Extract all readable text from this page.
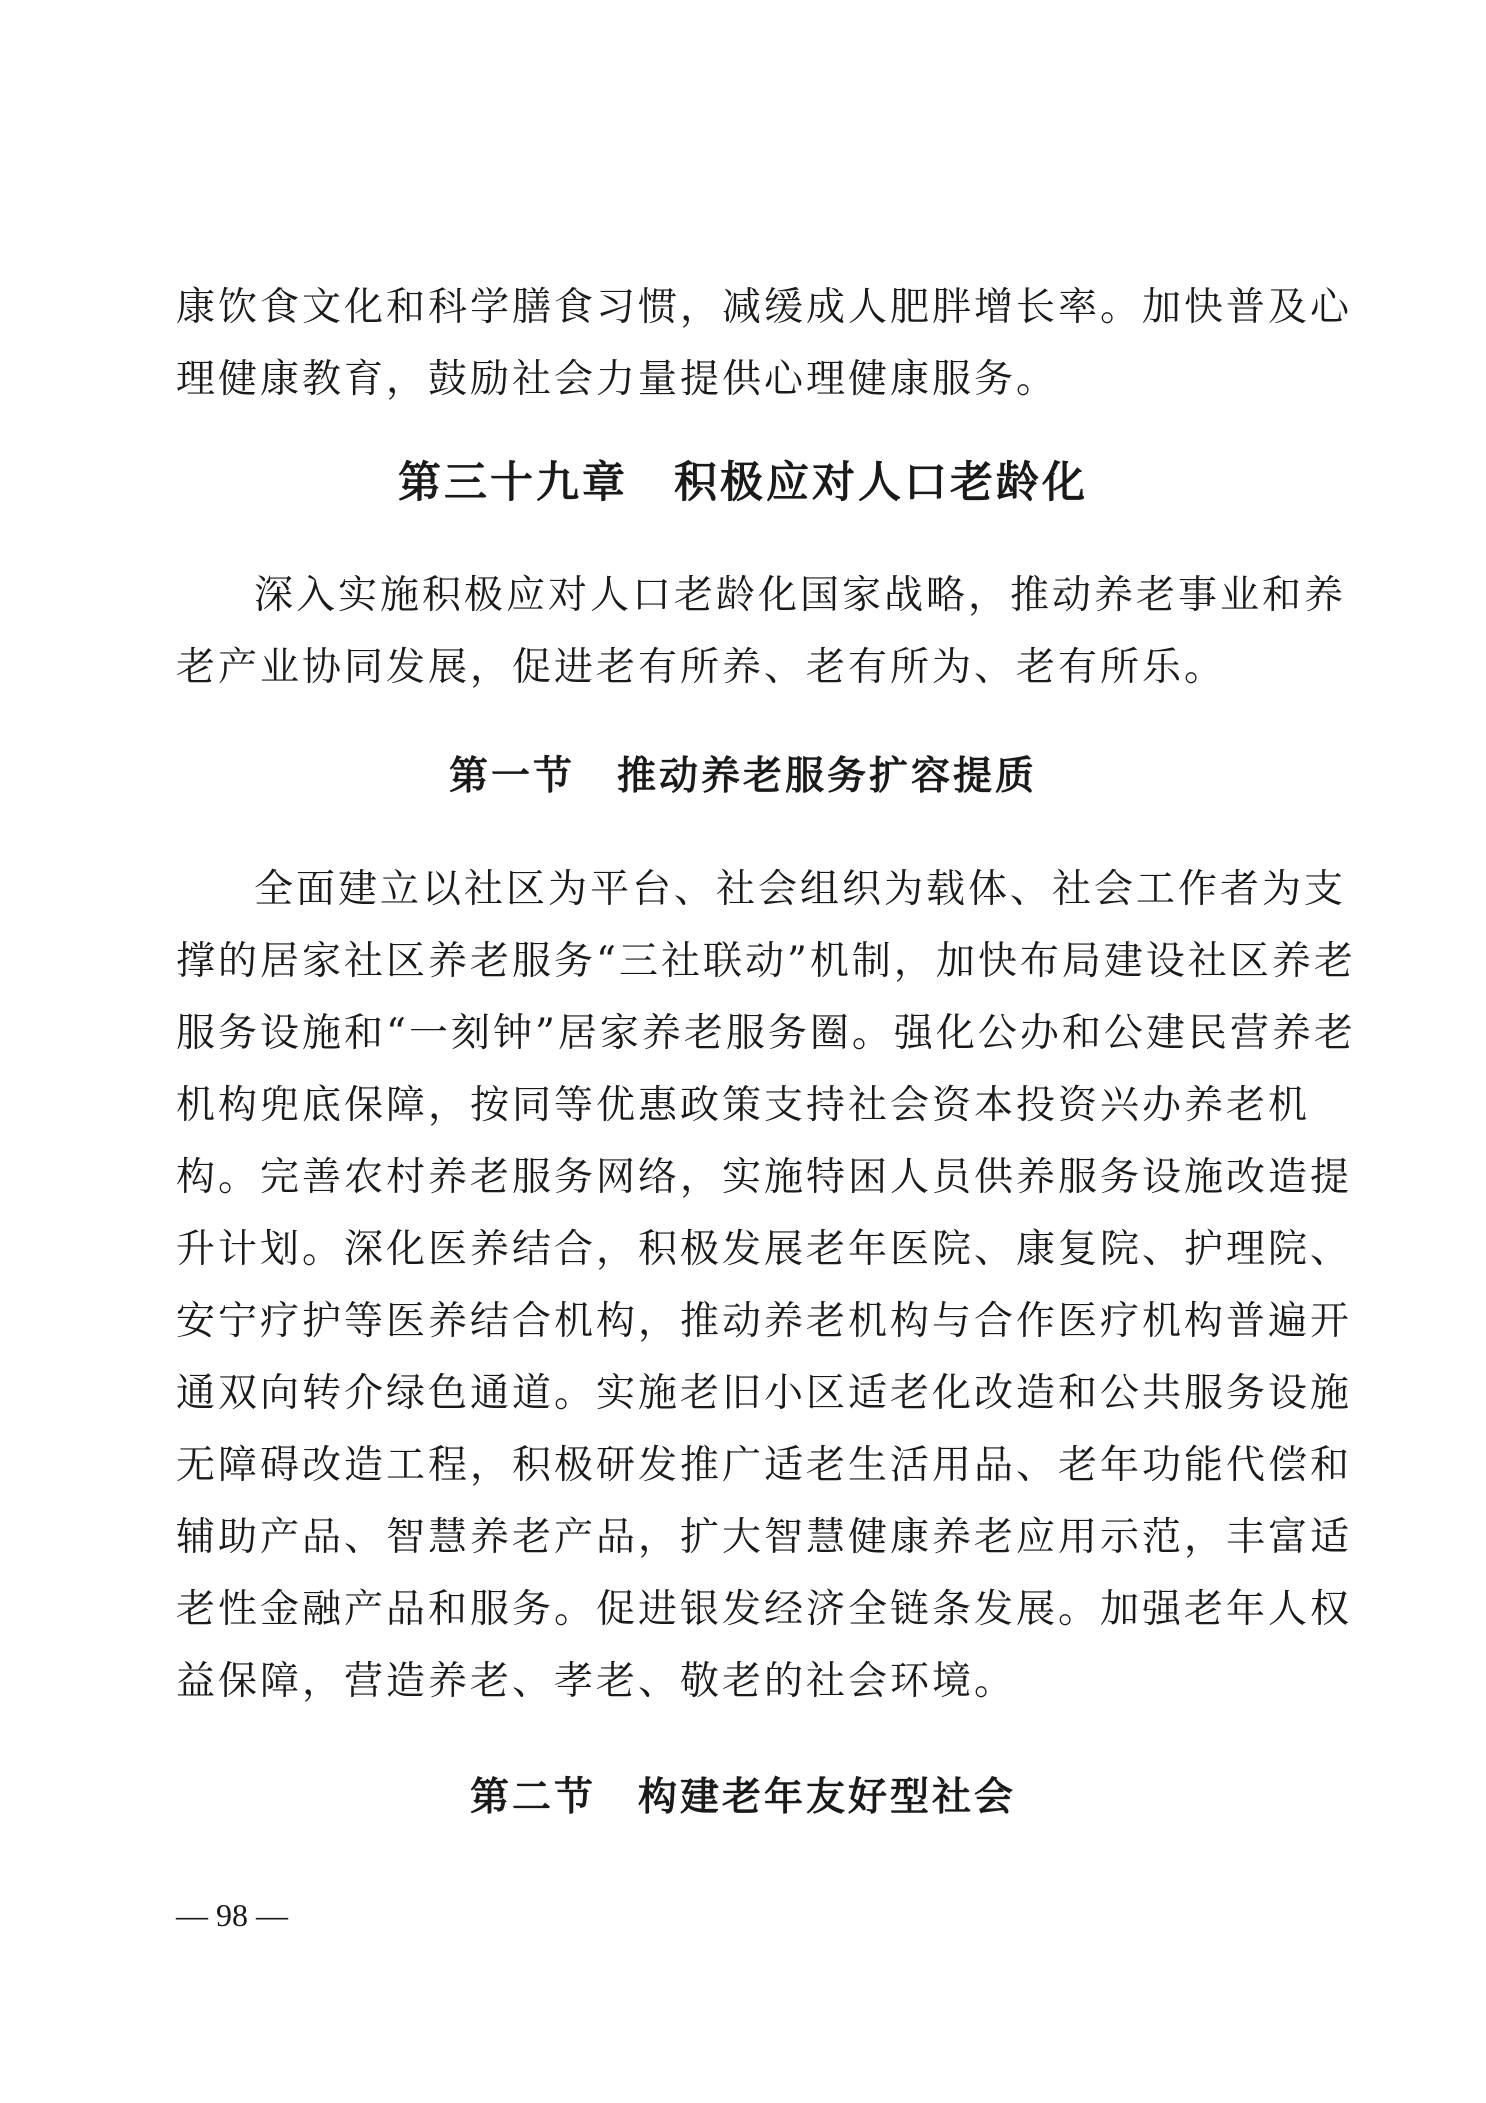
康饮食文化和科学膳食习惯，减缓成人肥胖增长率。加快普及心
理健康教育，鼓励社会力量提供心理健康服务。
第三十九章　积极应对人口老龄化
深入实施积极应对人口老龄化国家战略，推动养老事业和养
老产业协同发展，促进老有所养、老有所为、老有所乐。
第一节　推动养老服务扩容提质
全面建立以社区为平台、社会组织为载体、社会工作者为支
撑的居家社区养老服务“三社联动”机制，加快布局建设社区养老
服务设施和“一刻钟”居家养老服务圈。强化公办和公建民营养老
机构兜底保障，按同等优惠政策支持社会资本投资兴办养老机
构。完善农村养老服务网络，实施特困人员供养服务设施改造提
升计划。深化医养结合，积极发展老年医院、康复院、护理院、
安宁疗护等医养结合机构，推动养老机构与合作医疗机构普遍开
通双向转介绿色通道。实施老旧小区适老化改造和公共服务设施
无障碍改造工程，积极研发推广适老生活用品、老年功能代偿和
辅助产品、智慧养老产品，扩大智慧健康养老应用示范，丰富适
老性金融产品和服务。促进银发经济全链条发展。加强老年人权
益保障，营造养老、孝老、敬老的社会环境。
第二节　构建老年友好型社会
— 98 —
